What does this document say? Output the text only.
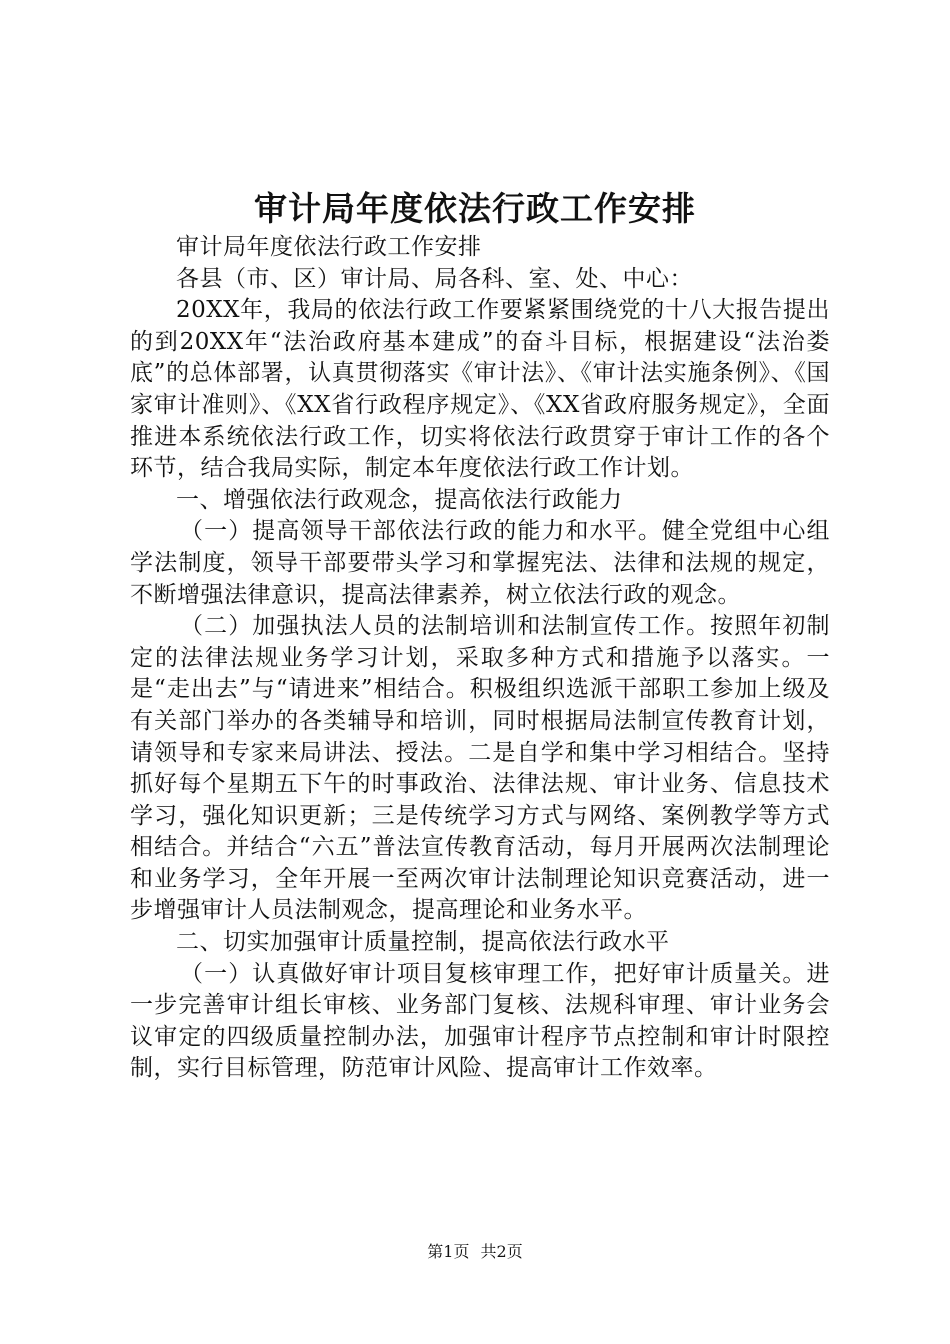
审计局年度依法行政工作安排

审计局年度依法行政工作安排

各县（市、区）审计局、局各科、室、处、中心：

20XX年，我局的依法行政工作要紧紧围绕党的十八大报告提出的到20XX年“法治政府基本建成”的奋斗目标，根据建设“法治娄底”的总体部署，认真贯彻落实《审计法》、《审计法实施条例》、《国家审计准则》、《XX省行政程序规定》、《XX省政府服务规定》，全面推进本系统依法行政工作，切实将依法行政贯穿于审计工作的各个环节，结合我局实际，制定本年度依法行政工作计划。

一、增强依法行政观念，提高依法行政能力

（一）提高领导干部依法行政的能力和水平。健全党组中心组学法制度，领导干部要带头学习和掌握宪法、法律和法规的规定，不断增强法律意识，提高法律素养，树立依法行政的观念。

（二）加强执法人员的法制培训和法制宣传工作。按照年初制定的法律法规业务学习计划，采取多种方式和措施予以落实。一是“走出去”与“请进来”相结合。积极组织选派干部职工参加上级及有关部门举办的各类辅导和培训，同时根据局法制宣传教育计划，请领导和专家来局讲法、授法。二是自学和集中学习相结合。坚持抓好每个星期五下午的时事政治、法律法规、审计业务、信息技术学习，强化知识更新；三是传统学习方式与网络、案例教学等方式相结合。并结合“六五”普法宣传教育活动，每月开展两次法制理论和业务学习，全年开展一至两次审计法制理论知识竞赛活动，进一步增强审计人员法制观念，提高理论和业务水平。

二、切实加强审计质量控制，提高依法行政水平

（一）认真做好审计项目复核审理工作，把好审计质量关。进一步完善审计组长审核、业务部门复核、法规科审理、审计业务会议审定的四级质量控制办法，加强审计程序节点控制和审计时限控制，实行目标管理，防范审计风险、提高审计工作效率。

第1页 共2页
